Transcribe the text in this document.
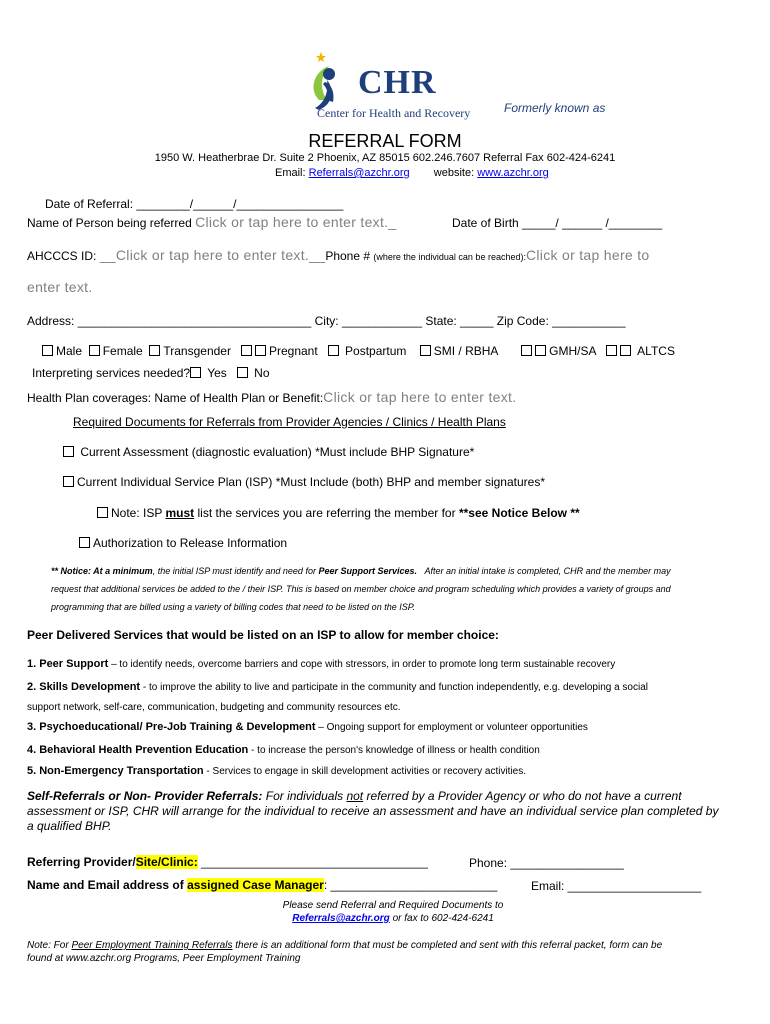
CHR
Center for Health and Recovery	Formerly known as
REFERRAL FORM
1950 W. Heatherbrae Dr. Suite 2 Phoenix, AZ 85015 602.246.7607 Referral Fax 602-424-6241
Email: Referrals@azchr.org website: www.azchr.org
Date of Referral: ________/______/________________
Name of Person being referred Click or tap here to enter text._	Date of Birth _____/ ______ /________
AHCCCS ID: __Click or tap here to enter text.__Phone # (where the individual can be reached):Click or tap here to
enter text.
Address: ___________________________________ City: ____________ State: _____ Zip Code: ___________
Male Female Transgender	Pregnant Postpartum SMI / RBHA	GMH/SA	ALTCS
Interpreting services needed? Yes No
Health Plan coverages: Name of Health Plan or Benefit:Click or tap here to enter text.
Required Documents for Referrals from Provider Agencies / Clinics / Health Plans
Current Assessment (diagnostic evaluation) *Must include BHP Signature*
Current Individual Service Plan (ISP) *Must Include (both) BHP and member signatures*
Note: ISP must list the services you are referring the member for **see Notice Below **
Authorization to Release Information
** Notice: At a minimum, the initial ISP must identify and need for Peer Support Services. After an initial intake is completed, CHR and the member may
request that additional services be added to the / their ISP. This is based on member choice and program scheduling which provides a variety of groups and
programming that are billed using a variety of billing codes that need to be listed on the ISP.
Peer Delivered Services that would be listed on an ISP to allow for member choice:
1. Peer Support – to identify needs, overcome barriers and cope with stressors, in order to promote long term sustainable recovery
2. Skills Development - to improve the ability to live and participate in the community and function independently, e.g. developing a social
support network, self-care, communication, budgeting and community resources etc.
3. Psychoeducational/ Pre-Job Training & Development – Ongoing support for employment or volunteer opportunities
4. Behavioral Health Prevention Education - to increase the person's knowledge of illness or health condition
5. Non-Emergency Transportation - Services to engage in skill development activities or recovery activities.
Self-Referrals or Non- Provider Referrals: For individuals not referred by a Provider Agency or who do not have a current
assessment or ISP, CHR will arrange for the individual to receive an assessment and have an individual service plan completed by
a qualified BHP.
Referring Provider/Site/Clinic: __________________________________	Phone: _________________
Name and Email address of assigned Case Manager: _________________________	Email: ____________________
Please send Referral and Required Documents to
Referrals@azchr.org or fax to 602-424-6241
Note: For Peer Employment Training Referrals there is an additional form that must be completed and sent with this referral packet, form can be
found at www.azchr.org Programs, Peer Employment Training
